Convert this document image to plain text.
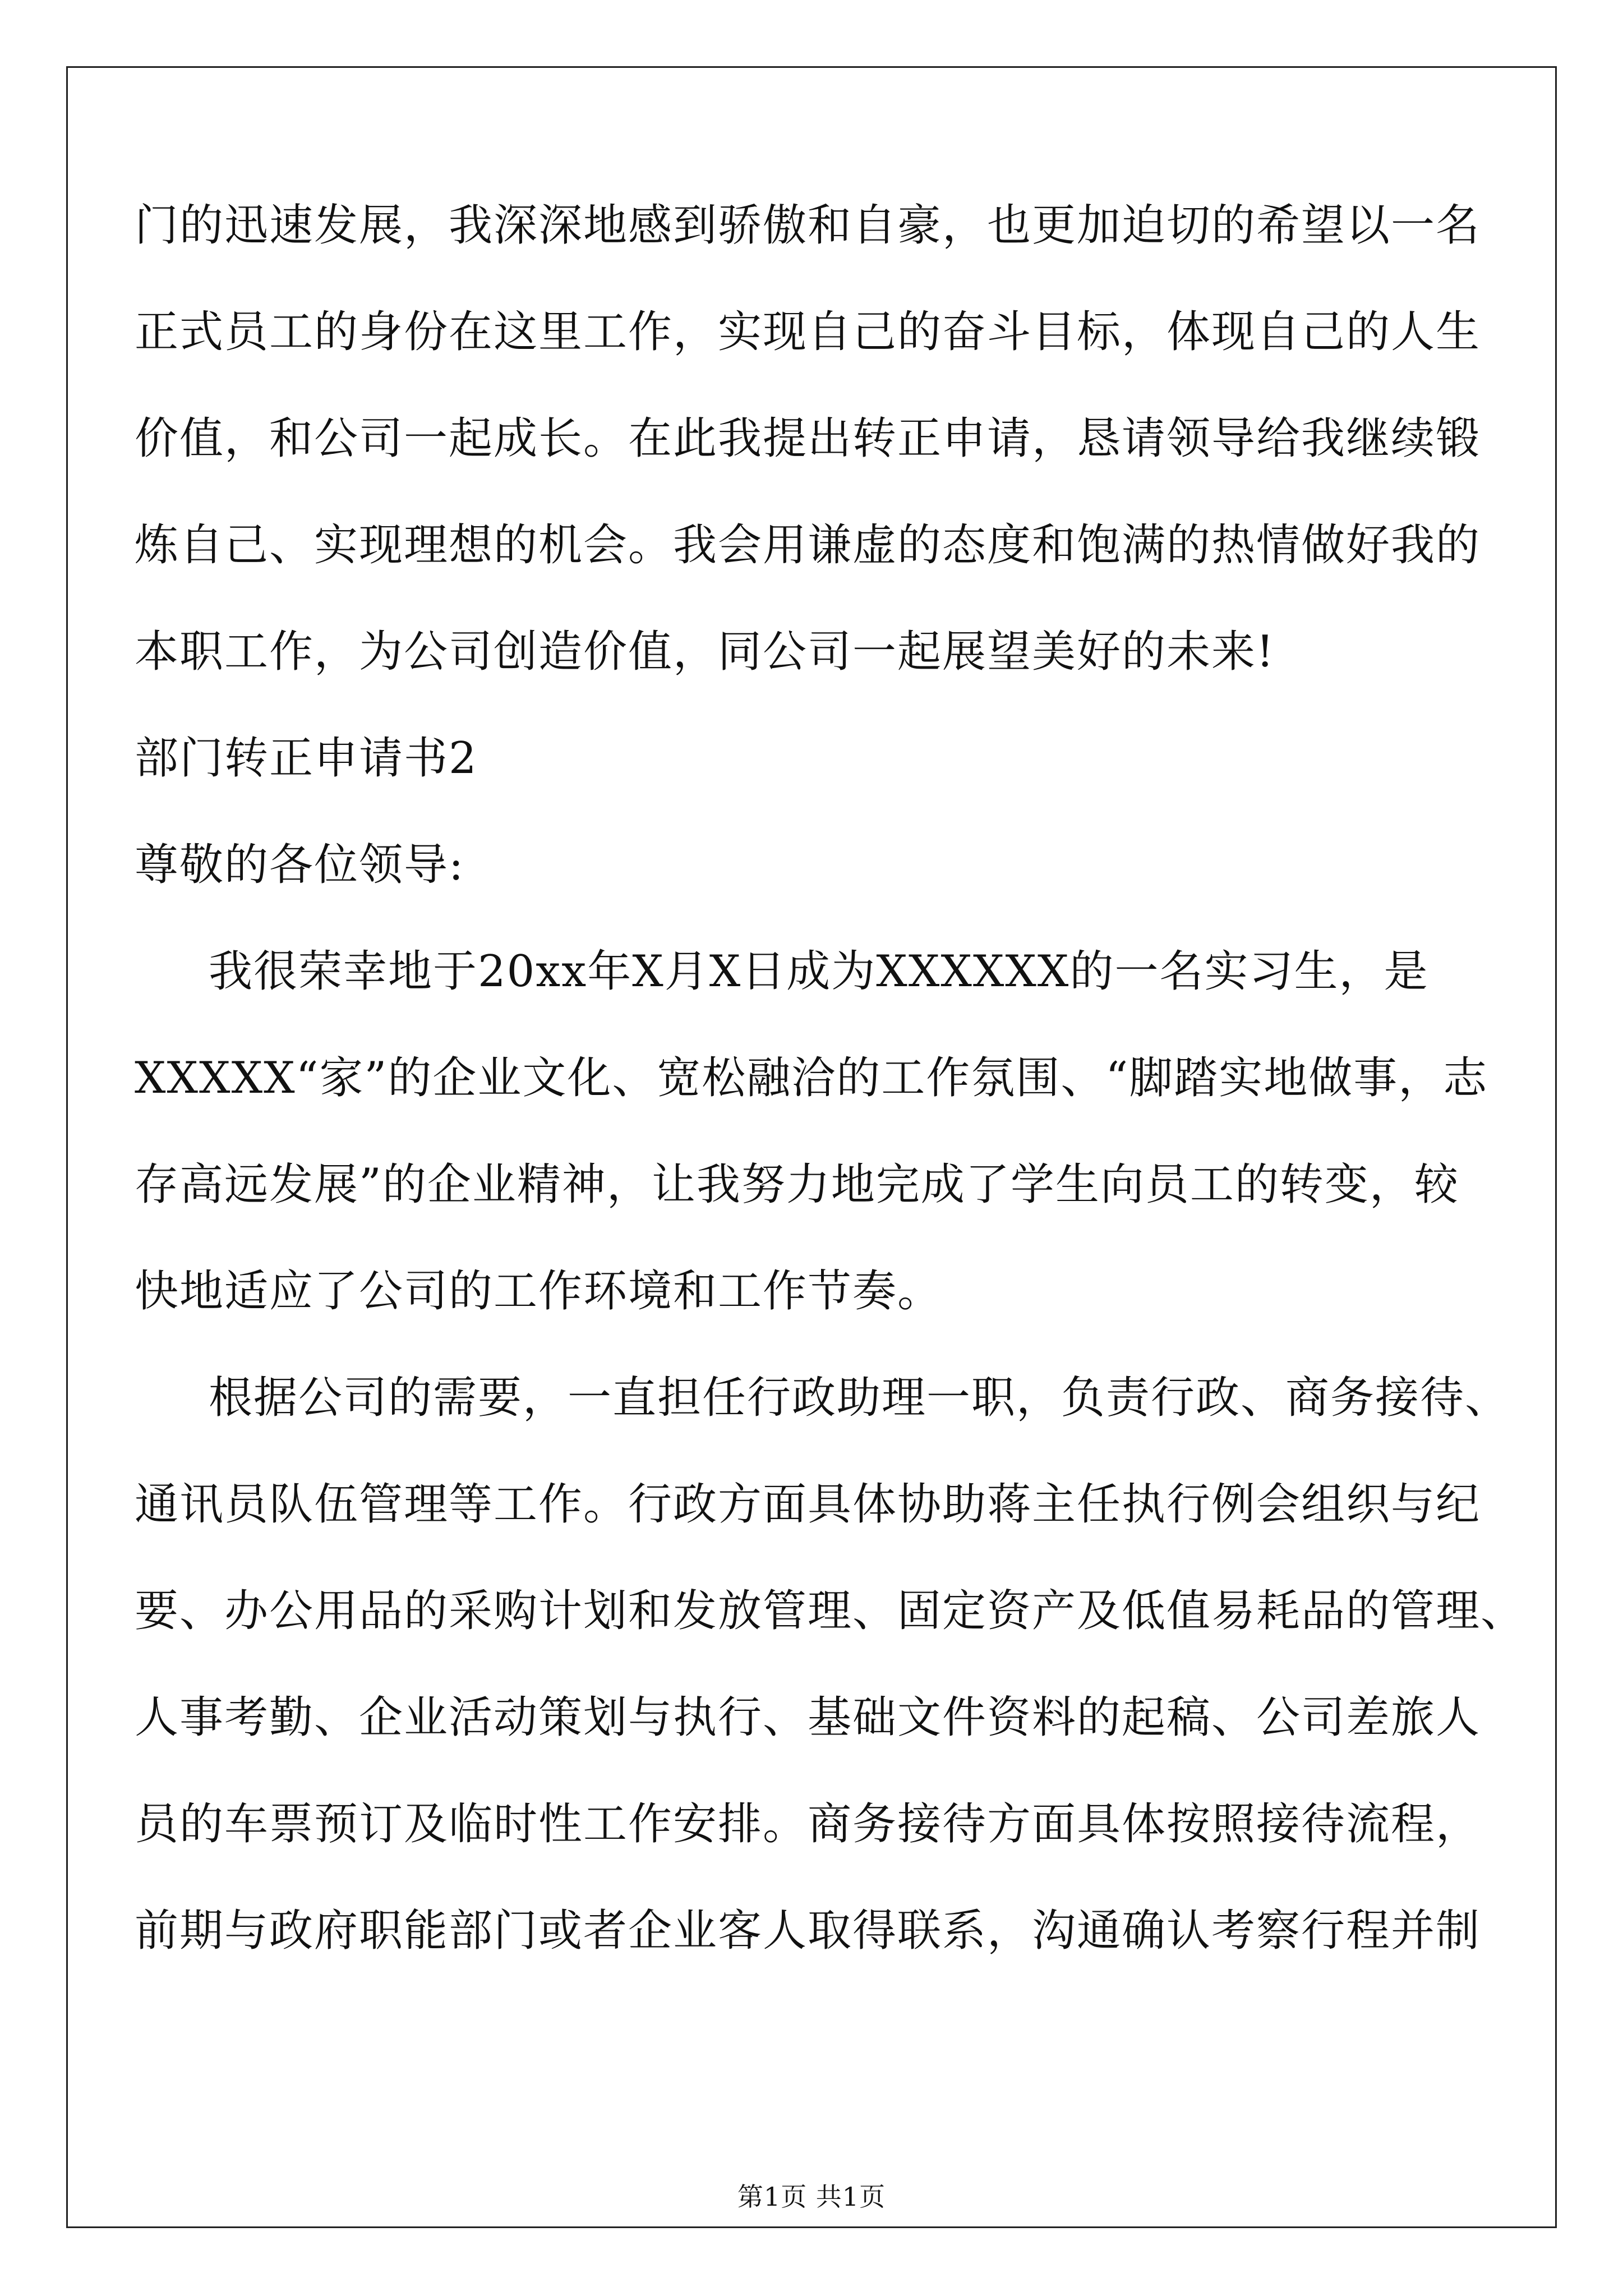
门的迅速发展，我深深地感到骄傲和自豪，也更加迫切的希望以一名
正式员工的身份在这里工作，实现自己的奋斗目标，体现自己的人生
价值，和公司一起成长。在此我提出转正申请，恳请领导给我继续锻
炼自己、实现理想的机会。我会用谦虚的态度和饱满的热情做好我的
本职工作，为公司创造价值，同公司一起展望美好的未来!
部门转正申请书2
尊敬的各位领导:
我很荣幸地于20xx年X月X日成为XXXXXX的一名实习生，是
XXXXX“家”的企业文化、宽松融洽的工作氛围、“脚踏实地做事，志
存高远发展”的企业精神，让我努力地完成了学生向员工的转变，较
快地适应了公司的工作环境和工作节奏。
根据公司的需要，一直担任行政助理一职，负责行政、商务接待、
通讯员队伍管理等工作。行政方面具体协助蒋主任执行例会组织与纪
要、办公用品的采购计划和发放管理、固定资产及低值易耗品的管理、
人事考勤、企业活动策划与执行、基础文件资料的起稿、公司差旅人
员的车票预订及临时性工作安排。商务接待方面具体按照接待流程，
前期与政府职能部门或者企业客人取得联系，沟通确认考察行程并制
第1页 共1页
